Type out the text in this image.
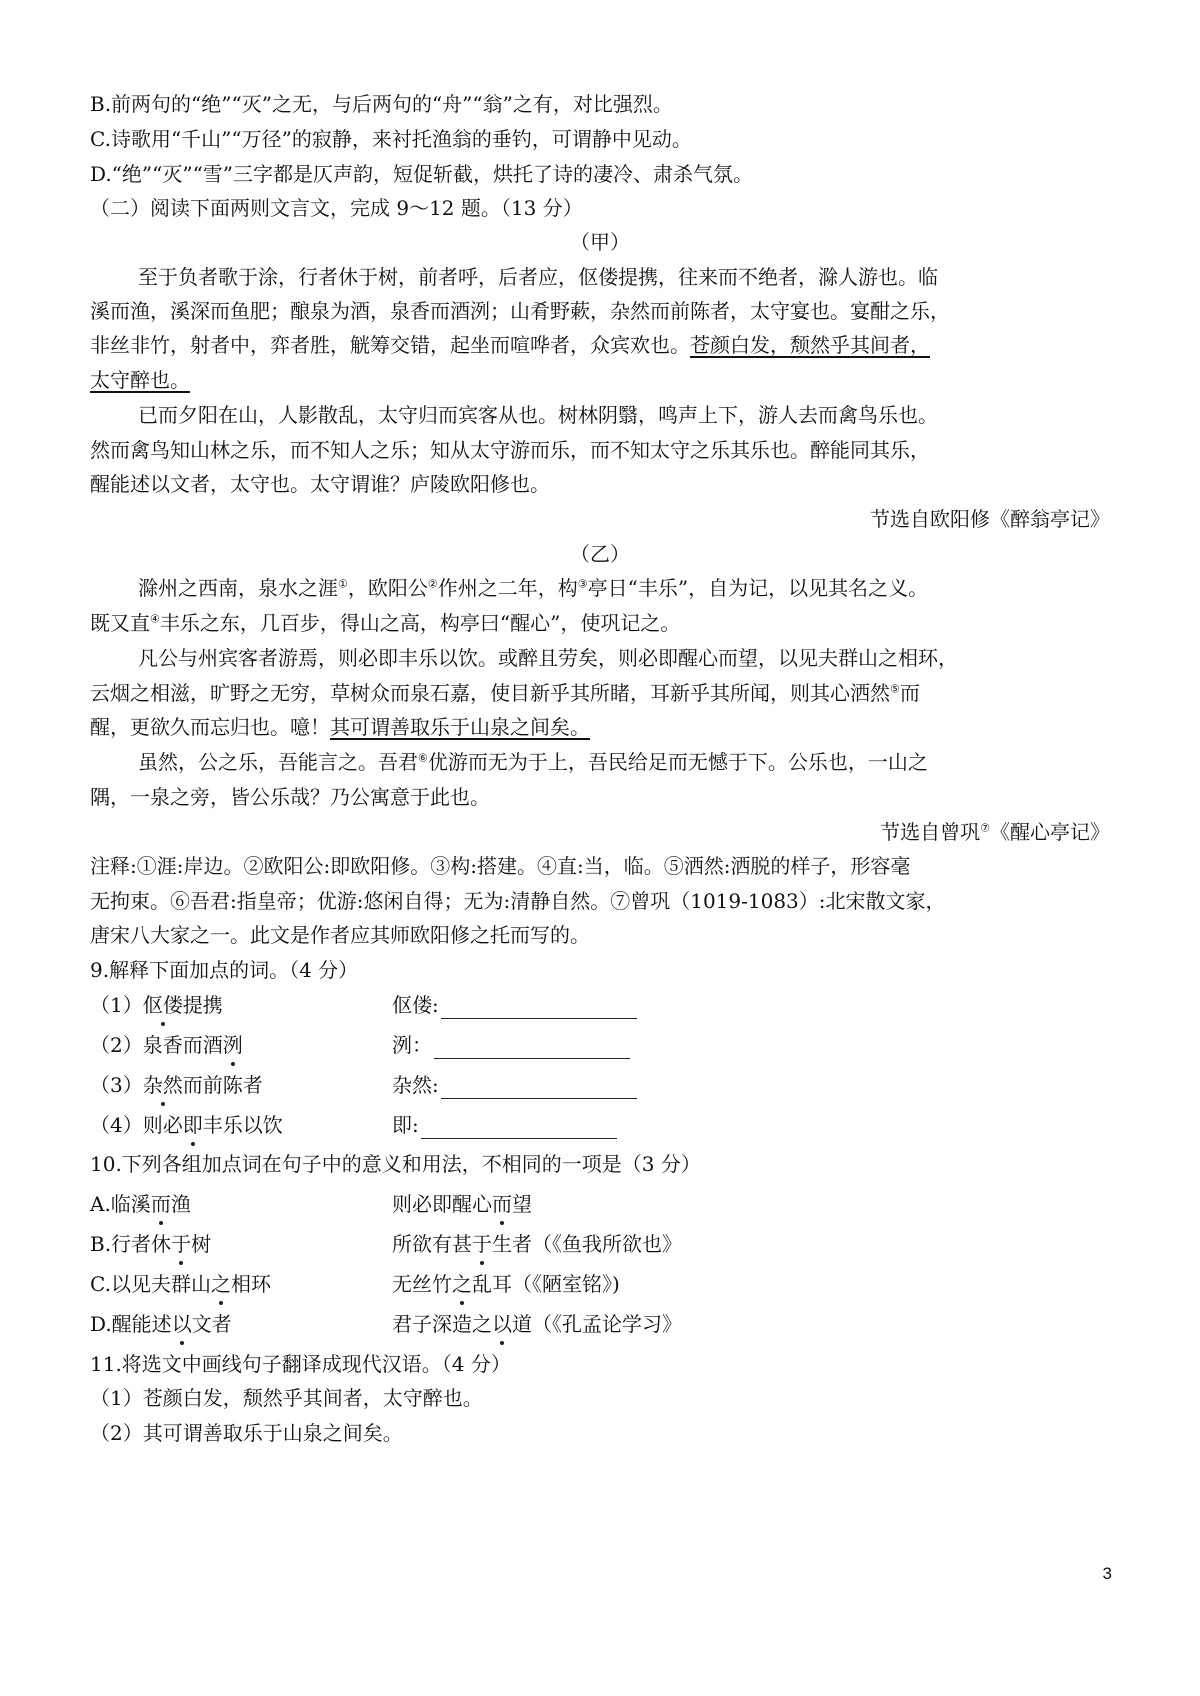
B.前两句的“绝”“灭”之无，与后两句的“舟”“翁”之有，对比强烈。
C.诗歌用“千山”“万径”的寂静，来衬托渔翁的垂钓，可谓静中见动。
D.“绝”“灭”“雪”三字都是仄声韵，短促斩截，烘托了诗的凄冷、肃杀气氛。
（二）阅读下面两则文言文，完成 9～12 题。（13 分）
（甲）
至于负者歌于涂，行者休于树，前者呼，后者应，伛偻提携，往来而不绝者，滁人游也。临
溪而渔，溪深而鱼肥；酿泉为酒，泉香而酒洌；山肴野蔌，杂然而前陈者，太守宴也。宴酣之乐，
非丝非竹，射者中，弈者胜，觥筹交错，起坐而喧哗者，众宾欢也。苍颜白发，颓然乎其间者，
太守醉也。
已而夕阳在山，人影散乱，太守归而宾客从也。树林阴翳，鸣声上下，游人去而禽鸟乐也。
然而禽鸟知山林之乐，而不知人之乐；知从太守游而乐，而不知太守之乐其乐也。醉能同其乐，
醒能述以文者，太守也。太守谓谁？庐陵欧阳修也。
节选自欧阳修《醉翁亭记》
（乙）
滁州之西南，泉水之涯①，欧阳公②作州之二年，构③亭日“丰乐”，自为记，以见其名之义。
既又直④丰乐之东，几百步，得山之高，构亭曰“醒心”，使巩记之。
凡公与州宾客者游焉，则必即丰乐以饮。或醉且劳矣，则必即醒心而望，以见夫群山之相环，
云烟之相滋，旷野之无穷，草树众而泉石嘉，使目新乎其所睹，耳新乎其所闻，则其心洒然⑤而
醒，更欲久而忘归也。噫！其可谓善取乐于山泉之间矣。
虽然，公之乐，吾能言之。吾君⑥优游而无为于上，吾民给足而无憾于下。公乐也，一山之
隅，一泉之旁，皆公乐哉？乃公寓意于此也。
节选自曾巩⑦《醒心亭记》
注释:①涯:岸边。②欧阳公:即欧阳修。③构:搭建。④直:当，临。⑤洒然:洒脱的样子，形容毫
无拘束。⑥吾君:指皇帝；优游:悠闲自得；无为:清静自然。⑦曾巩（1019-1083）:北宋散文家，
唐宋八大家之一。此文是作者应其师欧阳修之托而写的。
9.解释下面加点的词。（4 分）
（1）伛偻提携	伛偻:
（2）泉香而酒洌	洌：
（3）杂然而前陈者	杂然:
（4）则必即丰乐以饮	即:
10.下列各组加点词在句子中的意义和用法，不相同的一项是（3 分）
A.临溪而渔	则必即醒心而望
B.行者休于树	所欲有甚于生者（《鱼我所欲也》
C.以见夫群山之相环	无丝竹之乱耳（《陋室铭》)
D.醒能述以文者	君子深造之以道（《孔孟论学习》
11.将选文中画线句子翻译成现代汉语。（4 分）
（1）苍颜白发，颓然乎其间者，太守醉也。
（2）其可谓善取乐于山泉之间矣。
3
